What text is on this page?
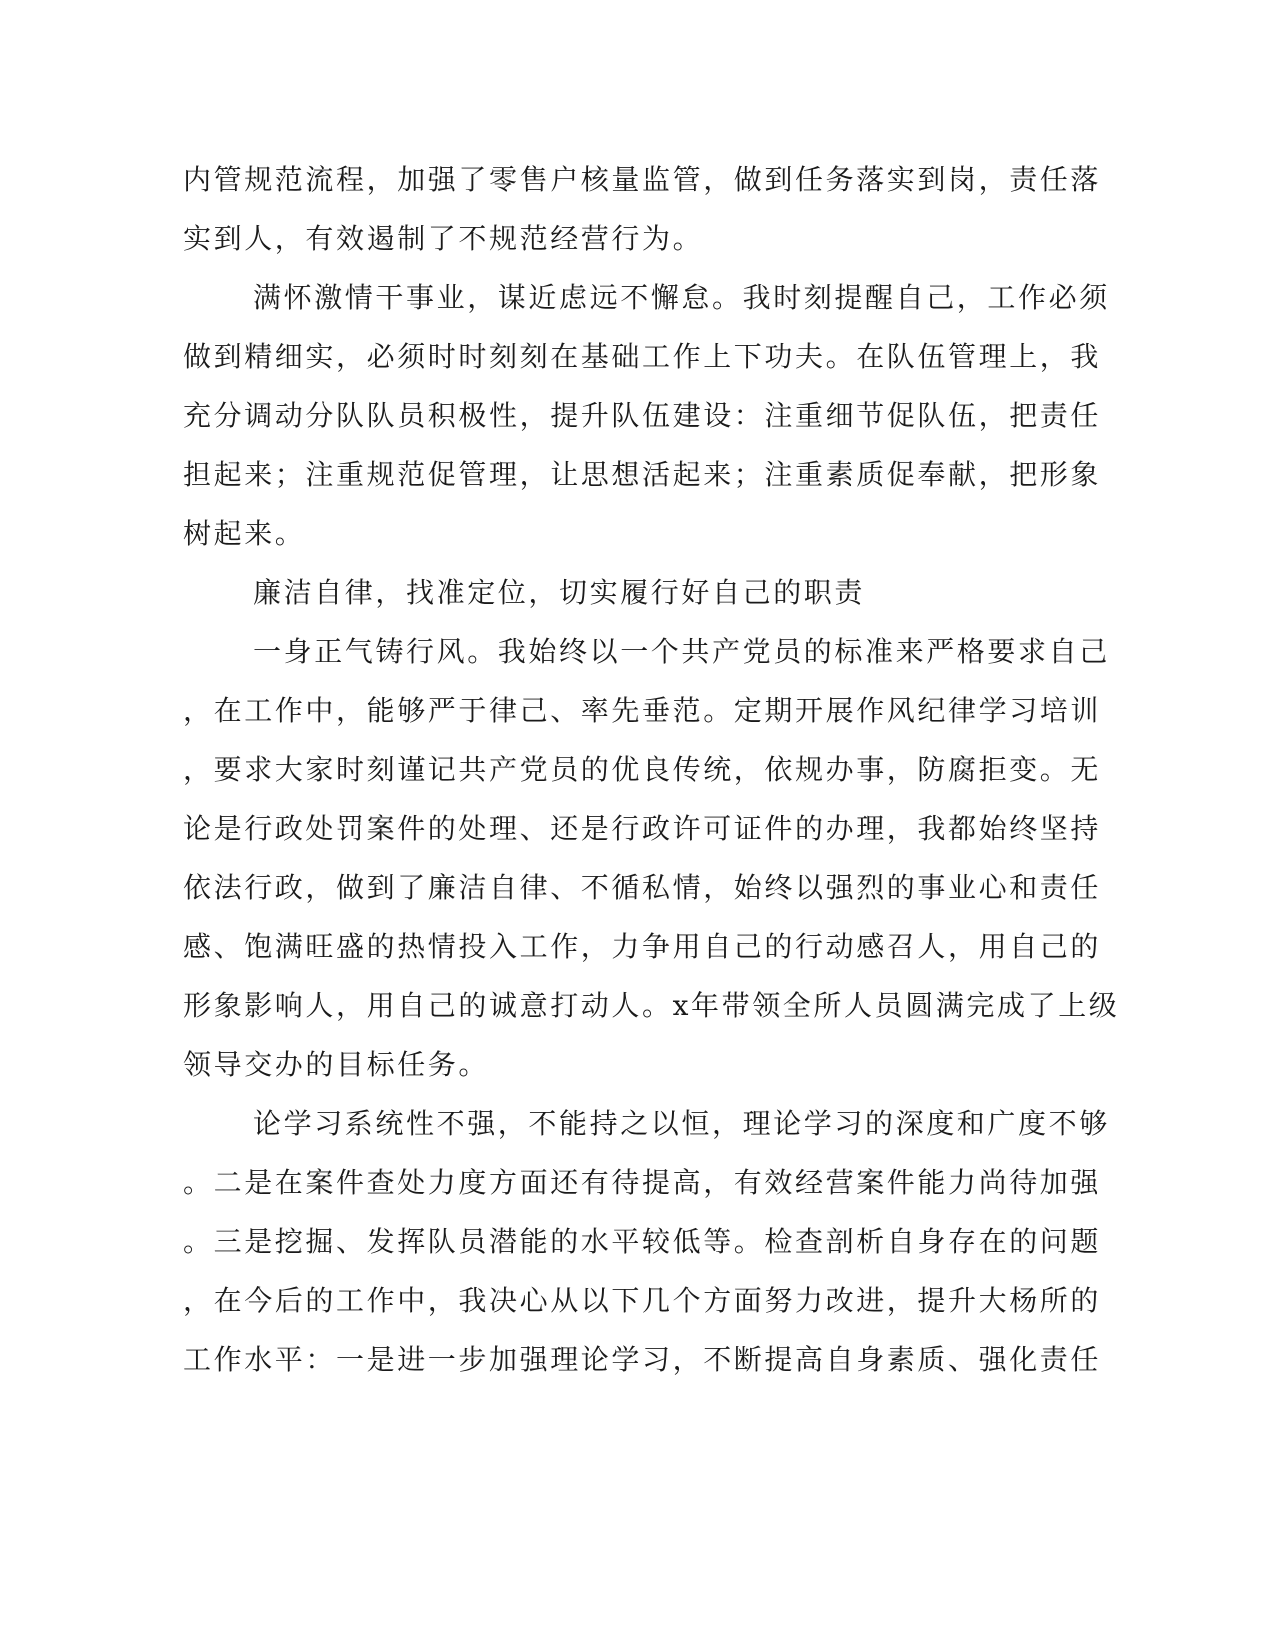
内管规范流程，加强了零售户核量监管，做到任务落实到岗，责任落
实到人，有效遏制了不规范经营行为。
满怀激情干事业，谋近虑远不懈怠。我时刻提醒自己，工作必须
做到精细实，必须时时刻刻在基础工作上下功夫。在队伍管理上，我
充分调动分队队员积极性，提升队伍建设：注重细节促队伍，把责任
担起来；注重规范促管理，让思想活起来；注重素质促奉献，把形象
树起来。
廉洁自律，找准定位，切实履行好自己的职责
一身正气铸行风。我始终以一个共产党员的标准来严格要求自己
，在工作中，能够严于律己、率先垂范。定期开展作风纪律学习培训
，要求大家时刻谨记共产党员的优良传统，依规办事，防腐拒变。无
论是行政处罚案件的处理、还是行政许可证件的办理，我都始终坚持
依法行政，做到了廉洁自律、不循私情，始终以强烈的事业心和责任
感、饱满旺盛的热情投入工作，力争用自己的行动感召人，用自己的
形象影响人，用自己的诚意打动人。x年带领全所人员圆满完成了上级
领导交办的目标任务。
论学习系统性不强，不能持之以恒，理论学习的深度和广度不够
。二是在案件查处力度方面还有待提高，有效经营案件能力尚待加强
。三是挖掘、发挥队员潜能的水平较低等。检查剖析自身存在的问题
，在今后的工作中，我决心从以下几个方面努力改进，提升大杨所的
工作水平：一是进一步加强理论学习，不断提高自身素质、强化责任
